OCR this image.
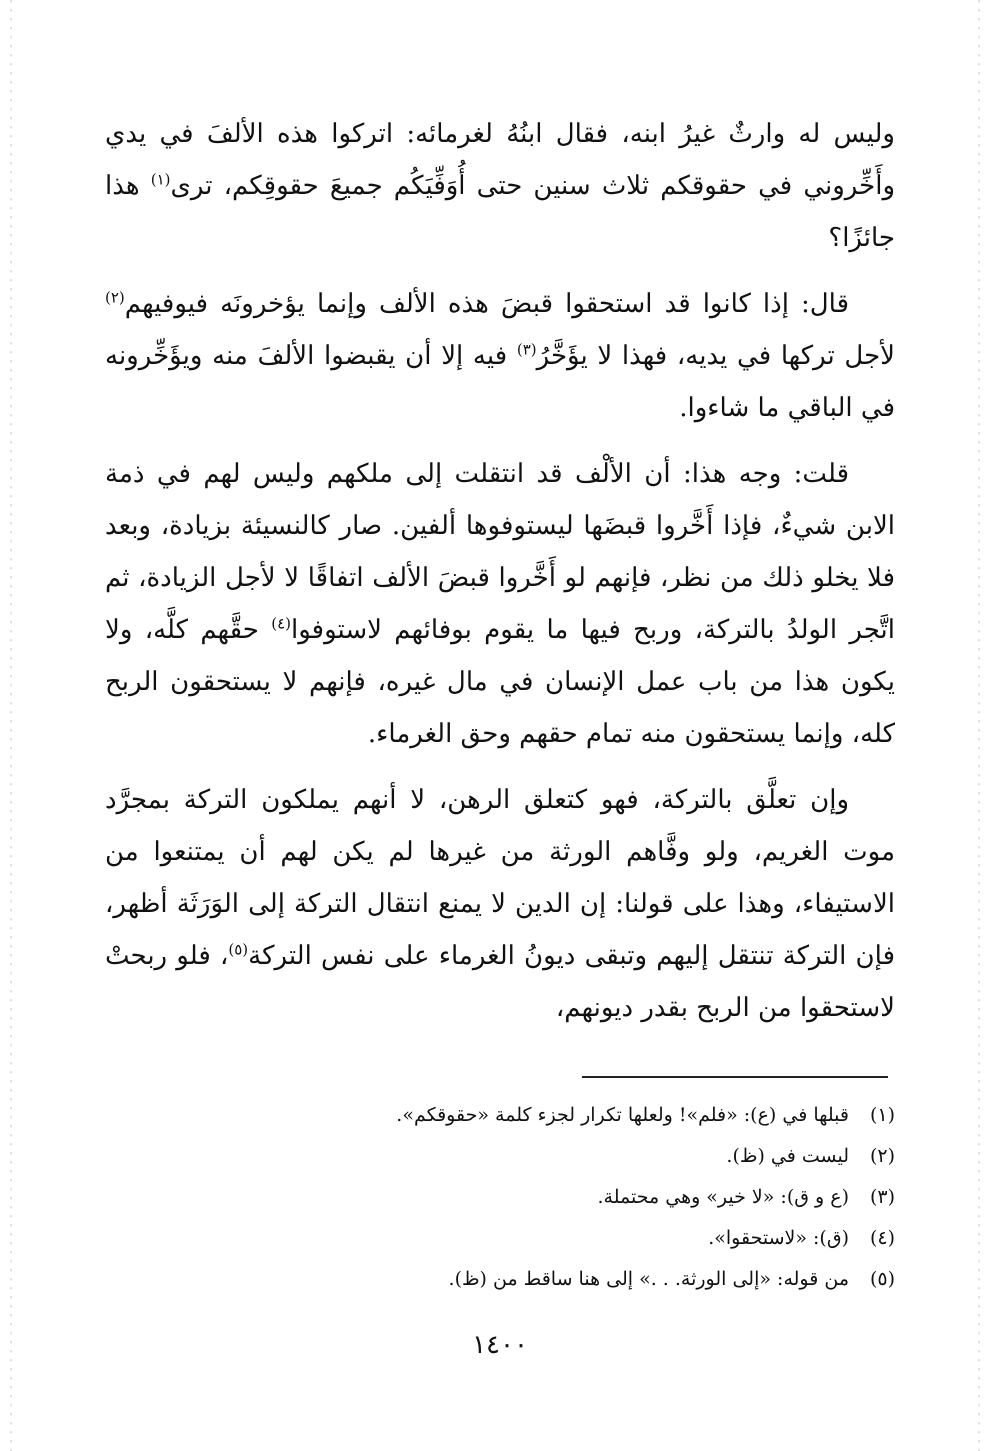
وليس له وارثٌ غيرُ ابنه، فقال ابنُهُ لغرمائه: اتركوا هذه الألفَ في يدي وأَخِّروني في حقوقكم ثلاث سنين حتى أُوَفِّيَكُم جميعَ حقوقِكم، ترى$^{(١)}$ هذا جائزًا؟

قال: إذا كانوا قد استحقوا قبضَ هذه الألف وإنما يؤخرونَه فيوفيهم$^{(٢)}$ لأجل تركها في يديه، فهذا لا يؤَخَّرُ$^{(٣)}$ فيه إلا أن يقبضوا الألفَ منه ويؤَخِّرونه في الباقي ما شاءوا.

قلت: وجه هذا: أن الألْف قد انتقلت إلى ملكهم وليس لهم في ذمة الابن شيءٌ، فإذا أَخَّروا قبضَها ليستوفوها ألفين. صار كالنسيئة بزيادة، وبعد فلا يخلو ذلك من نظر، فإنهم لو أَخَّروا قبضَ الألف اتفاقًا لا لأجل الزيادة، ثم اتَّجر الولدُ بالتركة، وربح فيها ما يقوم بوفائهم لاستوفوا$^{(٤)}$ حقَّهم كلَّه، ولا يكون هذا من باب عمل الإنسان في مال غيره، فإنهم لا يستحقون الربح كله، وإنما يستحقون منه تمام حقهم وحق الغرماء.

وإن تعلَّق بالتركة، فهو كتعلق الرهن، لا أنهم يملكون التركة بمجرَّد موت الغريم، ولو وفَّاهم الورثة من غيرها لم يكن لهم أن يمتنعوا من الاستيفاء، وهذا على قولنا: إن الدين لا يمنع انتقال التركة إلى الوَرَثَة أظهر، فإن التركة تنتقل إليهم وتبقى ديونُ الغرماء على نفس التركة$^{(٥)}$، فلو ربحتْ لاستحقوا من الربح بقدر ديونهم،

(١)قبلها في (ع): «فلم»! ولعلها تكرار لجزء كلمة «حقوقكم».

(٢)ليست في (ظ).

(٣)(ع و ق): «لا خير» وهي محتملة.

(٤)(ق): «لاستحقوا».

(٥)من قوله: «إلى الورثة. . .» إلى هنا ساقط من (ظ).

١٤٠٠
